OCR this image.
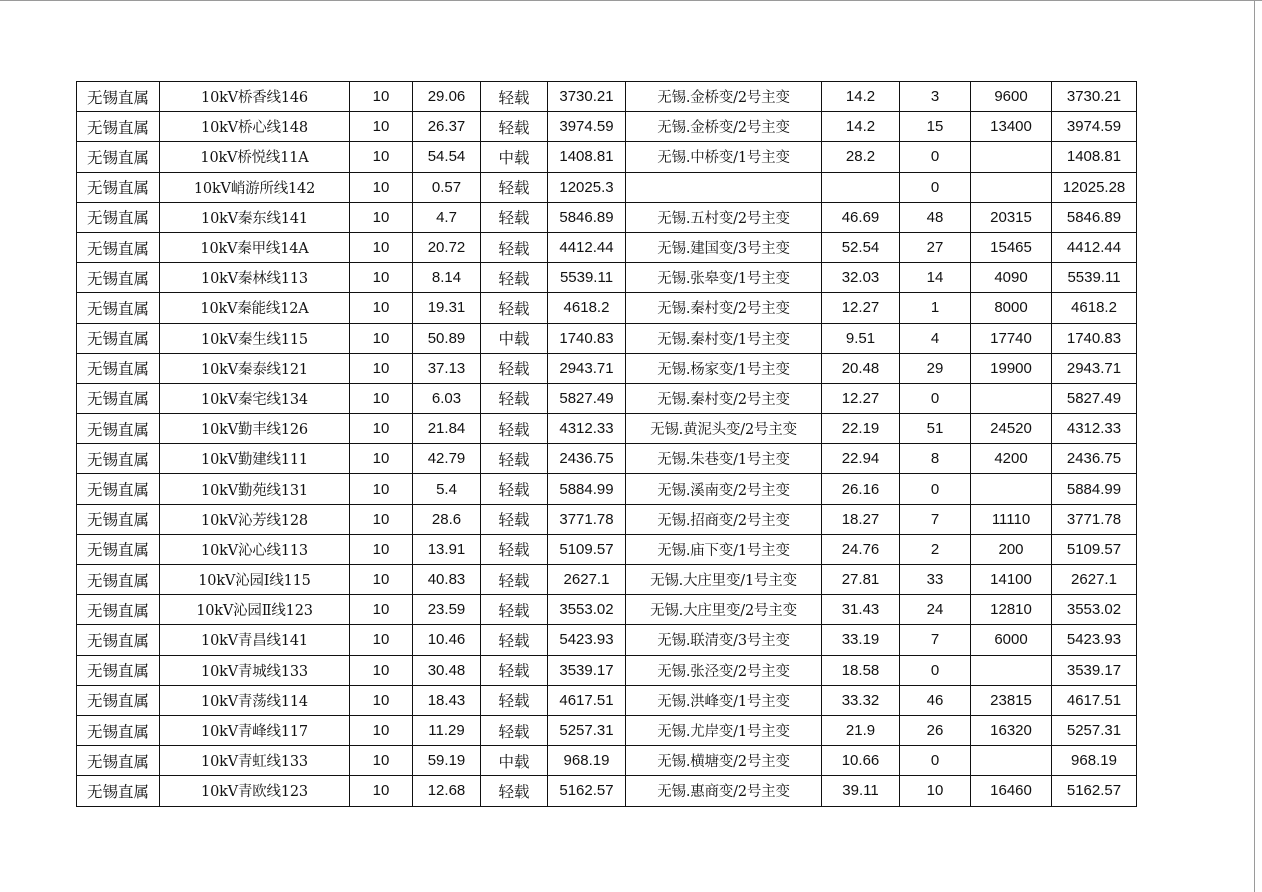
无锡直属	10kV桥香线146	10	29.06	轻载	3730.21	无锡.金桥变/2号主变	14.2	3	9600	3730.21
无锡直属	10kV桥心线148	10	26.37	轻载	3974.59	无锡.金桥变/2号主变	14.2	15	13400	3974.59
无锡直属	10kV桥悦线11A	10	54.54	中载	1408.81	无锡.中桥变/1号主变	28.2	0		1408.81
无锡直属	10kV峭游所线142	10	0.57	轻载	12025.3			0		12025.28
无锡直属	10kV秦东线141	10	4.7	轻载	5846.89	无锡.五村变/2号主变	46.69	48	20315	5846.89
无锡直属	10kV秦甲线14A	10	20.72	轻载	4412.44	无锡.建国变/3号主变	52.54	27	15465	4412.44
无锡直属	10kV秦林线113	10	8.14	轻载	5539.11	无锡.张皋变/1号主变	32.03	14	4090	5539.11
无锡直属	10kV秦能线12A	10	19.31	轻载	4618.2	无锡.秦村变/2号主变	12.27	1	8000	4618.2
无锡直属	10kV秦生线115	10	50.89	中载	1740.83	无锡.秦村变/1号主变	9.51	4	17740	1740.83
无锡直属	10kV秦泰线121	10	37.13	轻载	2943.71	无锡.杨家变/1号主变	20.48	29	19900	2943.71
无锡直属	10kV秦宅线134	10	6.03	轻载	5827.49	无锡.秦村变/2号主变	12.27	0		5827.49
无锡直属	10kV勤丰线126	10	21.84	轻载	4312.33	无锡.黄泥头变/2号主变	22.19	51	24520	4312.33
无锡直属	10kV勤建线111	10	42.79	轻载	2436.75	无锡.朱巷变/1号主变	22.94	8	4200	2436.75
无锡直属	10kV勤苑线131	10	5.4	轻载	5884.99	无锡.溪南变/2号主变	26.16	0		5884.99
无锡直属	10kV沁芳线128	10	28.6	轻载	3771.78	无锡.招商变/2号主变	18.27	7	11110	3771.78
无锡直属	10kV沁心线113	10	13.91	轻载	5109.57	无锡.庙下变/1号主变	24.76	2	200	5109.57
无锡直属	10kV沁园Ⅰ线115	10	40.83	轻载	2627.1	无锡.大庄里变/1号主变	27.81	33	14100	2627.1
无锡直属	10kV沁园Ⅱ线123	10	23.59	轻载	3553.02	无锡.大庄里变/2号主变	31.43	24	12810	3553.02
无锡直属	10kV青昌线141	10	10.46	轻载	5423.93	无锡.联清变/3号主变	33.19	7	6000	5423.93
无锡直属	10kV青城线133	10	30.48	轻载	3539.17	无锡.张泾变/2号主变	18.58	0		3539.17
无锡直属	10kV青荡线114	10	18.43	轻载	4617.51	无锡.洪峰变/1号主变	33.32	46	23815	4617.51
无锡直属	10kV青峰线117	10	11.29	轻载	5257.31	无锡.尤岸变/1号主变	21.9	26	16320	5257.31
无锡直属	10kV青虹线133	10	59.19	中载	968.19	无锡.横塘变/2号主变	10.66	0		968.19
无锡直属	10kV青欧线123	10	12.68	轻载	5162.57	无锡.惠商变/2号主变	39.11	10	16460	5162.57
